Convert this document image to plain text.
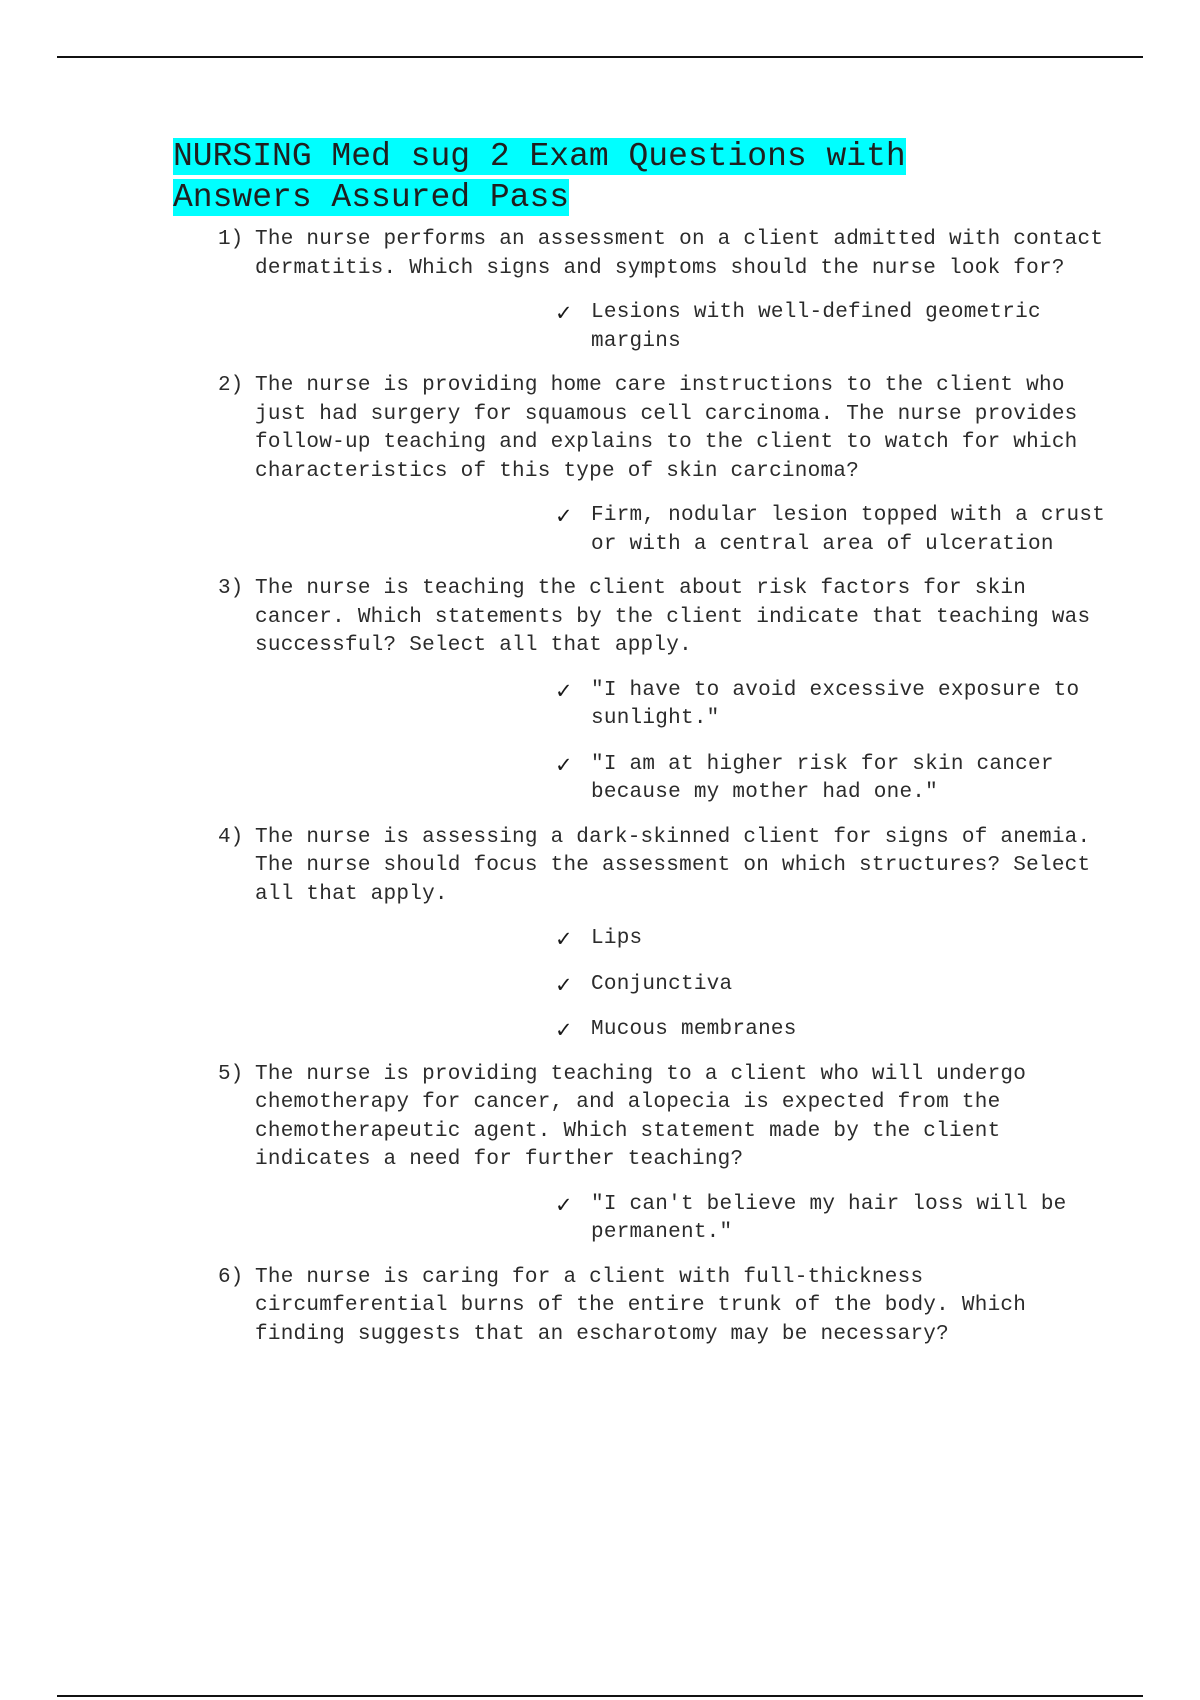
NURSING Med sug 2 Exam Questions with
Answers Assured Pass
1) The nurse performs an assessment on a client admitted with contact dermatitis. Which signs and symptoms should the nurse look for?
✓ Lesions with well-defined geometric margins
2) The nurse is providing home care instructions to the client who just had surgery for squamous cell carcinoma. The nurse provides follow-up teaching and explains to the client to watch for which characteristics of this type of skin carcinoma?
✓ Firm, nodular lesion topped with a crust or with a central area of ulceration
3) The nurse is teaching the client about risk factors for skin cancer. Which statements by the client indicate that teaching was successful? Select all that apply.
✓ "I have to avoid excessive exposure to sunlight."
✓ "I am at higher risk for skin cancer because my mother had one."
4) The nurse is assessing a dark-skinned client for signs of anemia. The nurse should focus the assessment on which structures? Select all that apply.
✓ Lips
✓ Conjunctiva
✓ Mucous membranes
5) The nurse is providing teaching to a client who will undergo chemotherapy for cancer, and alopecia is expected from the chemotherapeutic agent. Which statement made by the client indicates a need for further teaching?
✓ "I can't believe my hair loss will be permanent."
6) The nurse is caring for a client with full-thickness circumferential burns of the entire trunk of the body. Which finding suggests that an escharotomy may be necessary?
